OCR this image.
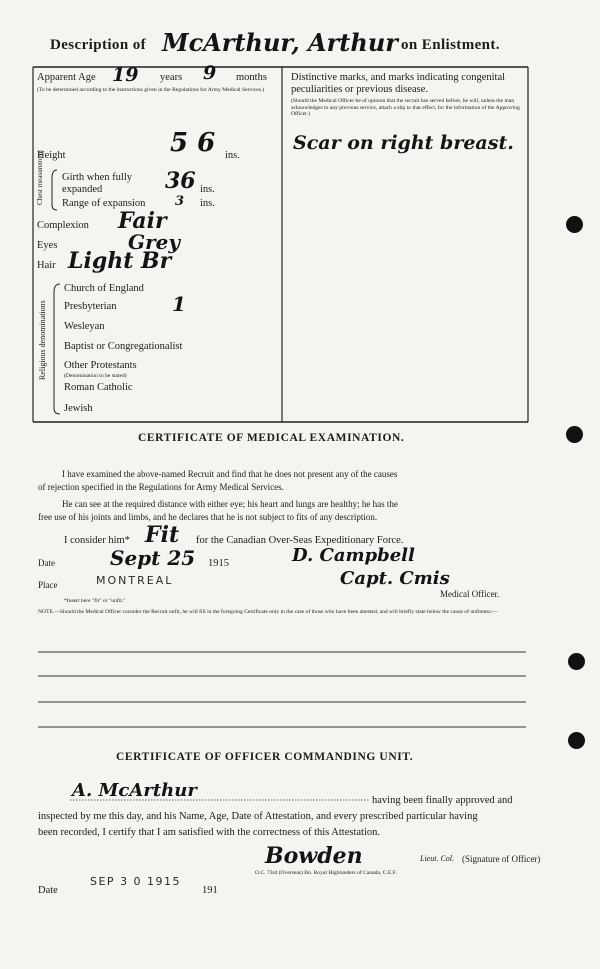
Description of McArthur, Arthur on Enlistment.
Apparent Age 19 years 9 months
(To be determined according to the instructions given in the Regulations for Army Medical Services.)
Height	5 6 ins.
Chest measurement Girth when fully expanded	36 ins.
Range of expansion 3 ins.
Complexion Fair
Eyes	Grey
Hair Light Br
Religious denominations
Church of England
Presbyterian	1
Wesleyan
Baptist or Congregationalist
Other Protestants
(Denomination to be stated)
Roman Catholic
Jewish
Distinctive marks, and marks indicating congenital peculiarities or previous disease.
(Should the Medical Officer be of opinion that the recruit has served before, he will, unless the man acknowledges to any previous service, attach a slip to that effect, for the information of the Approving Officer.)
Scar on right breast.
CERTIFICATE OF MEDICAL EXAMINATION.
I have examined the above-named Recruit and find that he does not present any of the causes
of rejection specified in the Regulations for Army Medical Services.
He can see at the required distance with either eye; his heart and lungs are healthy; he has the
free use of his joints and limbs, and he declares that he is not subject to fits of any description.
I consider him* Fit for the Canadian Over-Seas Expeditionary Force.
Date	Sept 25 1915	D. Campbell
Place	MONTREAL	Capt. Cmis
Medical Officer.
*Insert here "fit" or "unfit."
NOTE.—Should the Medical Officer consider the Recruit unfit, he will fill in the foregoing Certificate only in the case of those who have been attested, and will briefly state below the cause of unfitness:—
CERTIFICATE OF OFFICER COMMANDING UNIT.
A. McArthur	having been finally approved and
inspected by me this day, and his Name, Age, Date of Attestation, and every prescribed particular having
been recorded, I certify that I am satisfied with the correctness of this Attestation.
Bowden	Lieut. Col. (Signature of Officer)
O.C. 73rd (Overseas) Bn. Royal Highlanders of Canada, C.E.F.
Date
SEP 3 0 1915
191
